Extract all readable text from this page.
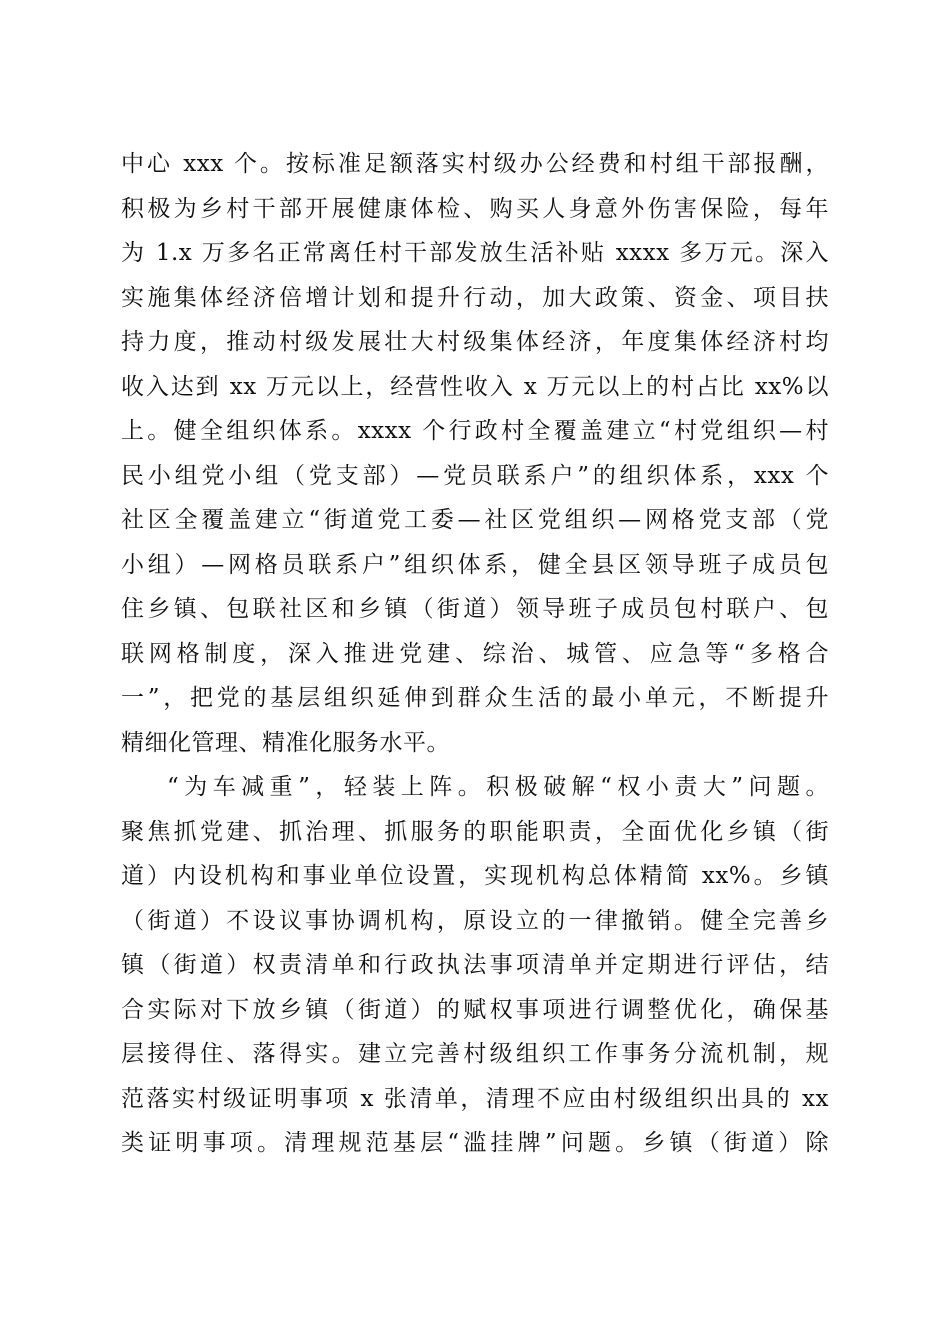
中心 xxx 个。按标准足额落实村级办公经费和村组干部报酬，
积极为乡村干部开展健康体检、购买人身意外伤害保险，每年
为 1.x 万多名正常离任村干部发放生活补贴 xxxx 多万元。深入
实施集体经济倍增计划和提升行动，加大政策、资金、项目扶
持力度，推动村级发展壮大村级集体经济，年度集体经济村均
收入达到 xx 万元以上，经营性收入 x 万元以上的村占比 xx%以
上。健全组织体系。xxxx 个行政村全覆盖建立“村党组织—村
民小组党小组（党支部）—党员联系户”的组织体系，xxx 个
社区全覆盖建立“街道党工委—社区党组织—网格党支部（党
小组）—网格员联系户”组织体系，健全县区领导班子成员包
住乡镇、包联社区和乡镇（街道）领导班子成员包村联户、包
联网格制度，深入推进党建、综治、城管、应急等“多格合
一”，把党的基层组织延伸到群众生活的最小单元，不断提升
精细化管理、精准化服务水平。
“为车减重”，轻装上阵。积极破解“权小责大”问题。
聚焦抓党建、抓治理、抓服务的职能职责，全面优化乡镇（街
道）内设机构和事业单位设置，实现机构总体精简 xx%。乡镇
（街道）不设议事协调机构，原设立的一律撤销。健全完善乡
镇（街道）权责清单和行政执法事项清单并定期进行评估，结
合实际对下放乡镇（街道）的赋权事项进行调整优化，确保基
层接得住、落得实。建立完善村级组织工作事务分流机制，规
范落实村级证明事项 x 张清单，清理不应由村级组织出具的 xx
类证明事项。清理规范基层“滥挂牌”问题。乡镇（街道）除
